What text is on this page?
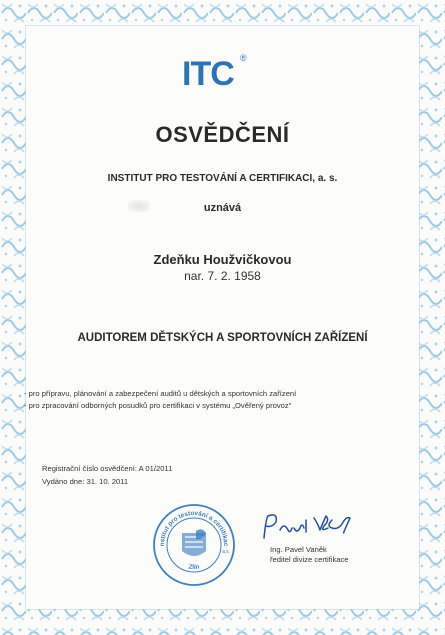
ITC ®
OSVĚDČENÍ
INSTITUT PRO TESTOVÁNÍ A CERTIFIKACI, a. s.
uznává
Zdeňku Houžvičkovou
nar. 7. 2. 1958
AUDITOREM DĚTSKÝCH A SPORTOVNÍCH ZAŘÍZENÍ
- pro přípravu, plánování a zabezpečení auditů u dětských a sportovních zařízení
- pro zpracování odborných posudků pro certifikaci v systému „Ověřený provoz"
Registrační číslo osvědčení: A 01/2011
Vydáno dne: 31. 10. 2011
nstitut pro testování a certifikac
Zlín
a.s.	Ing. Pavel Vaněk
ředitel divize certifikace
